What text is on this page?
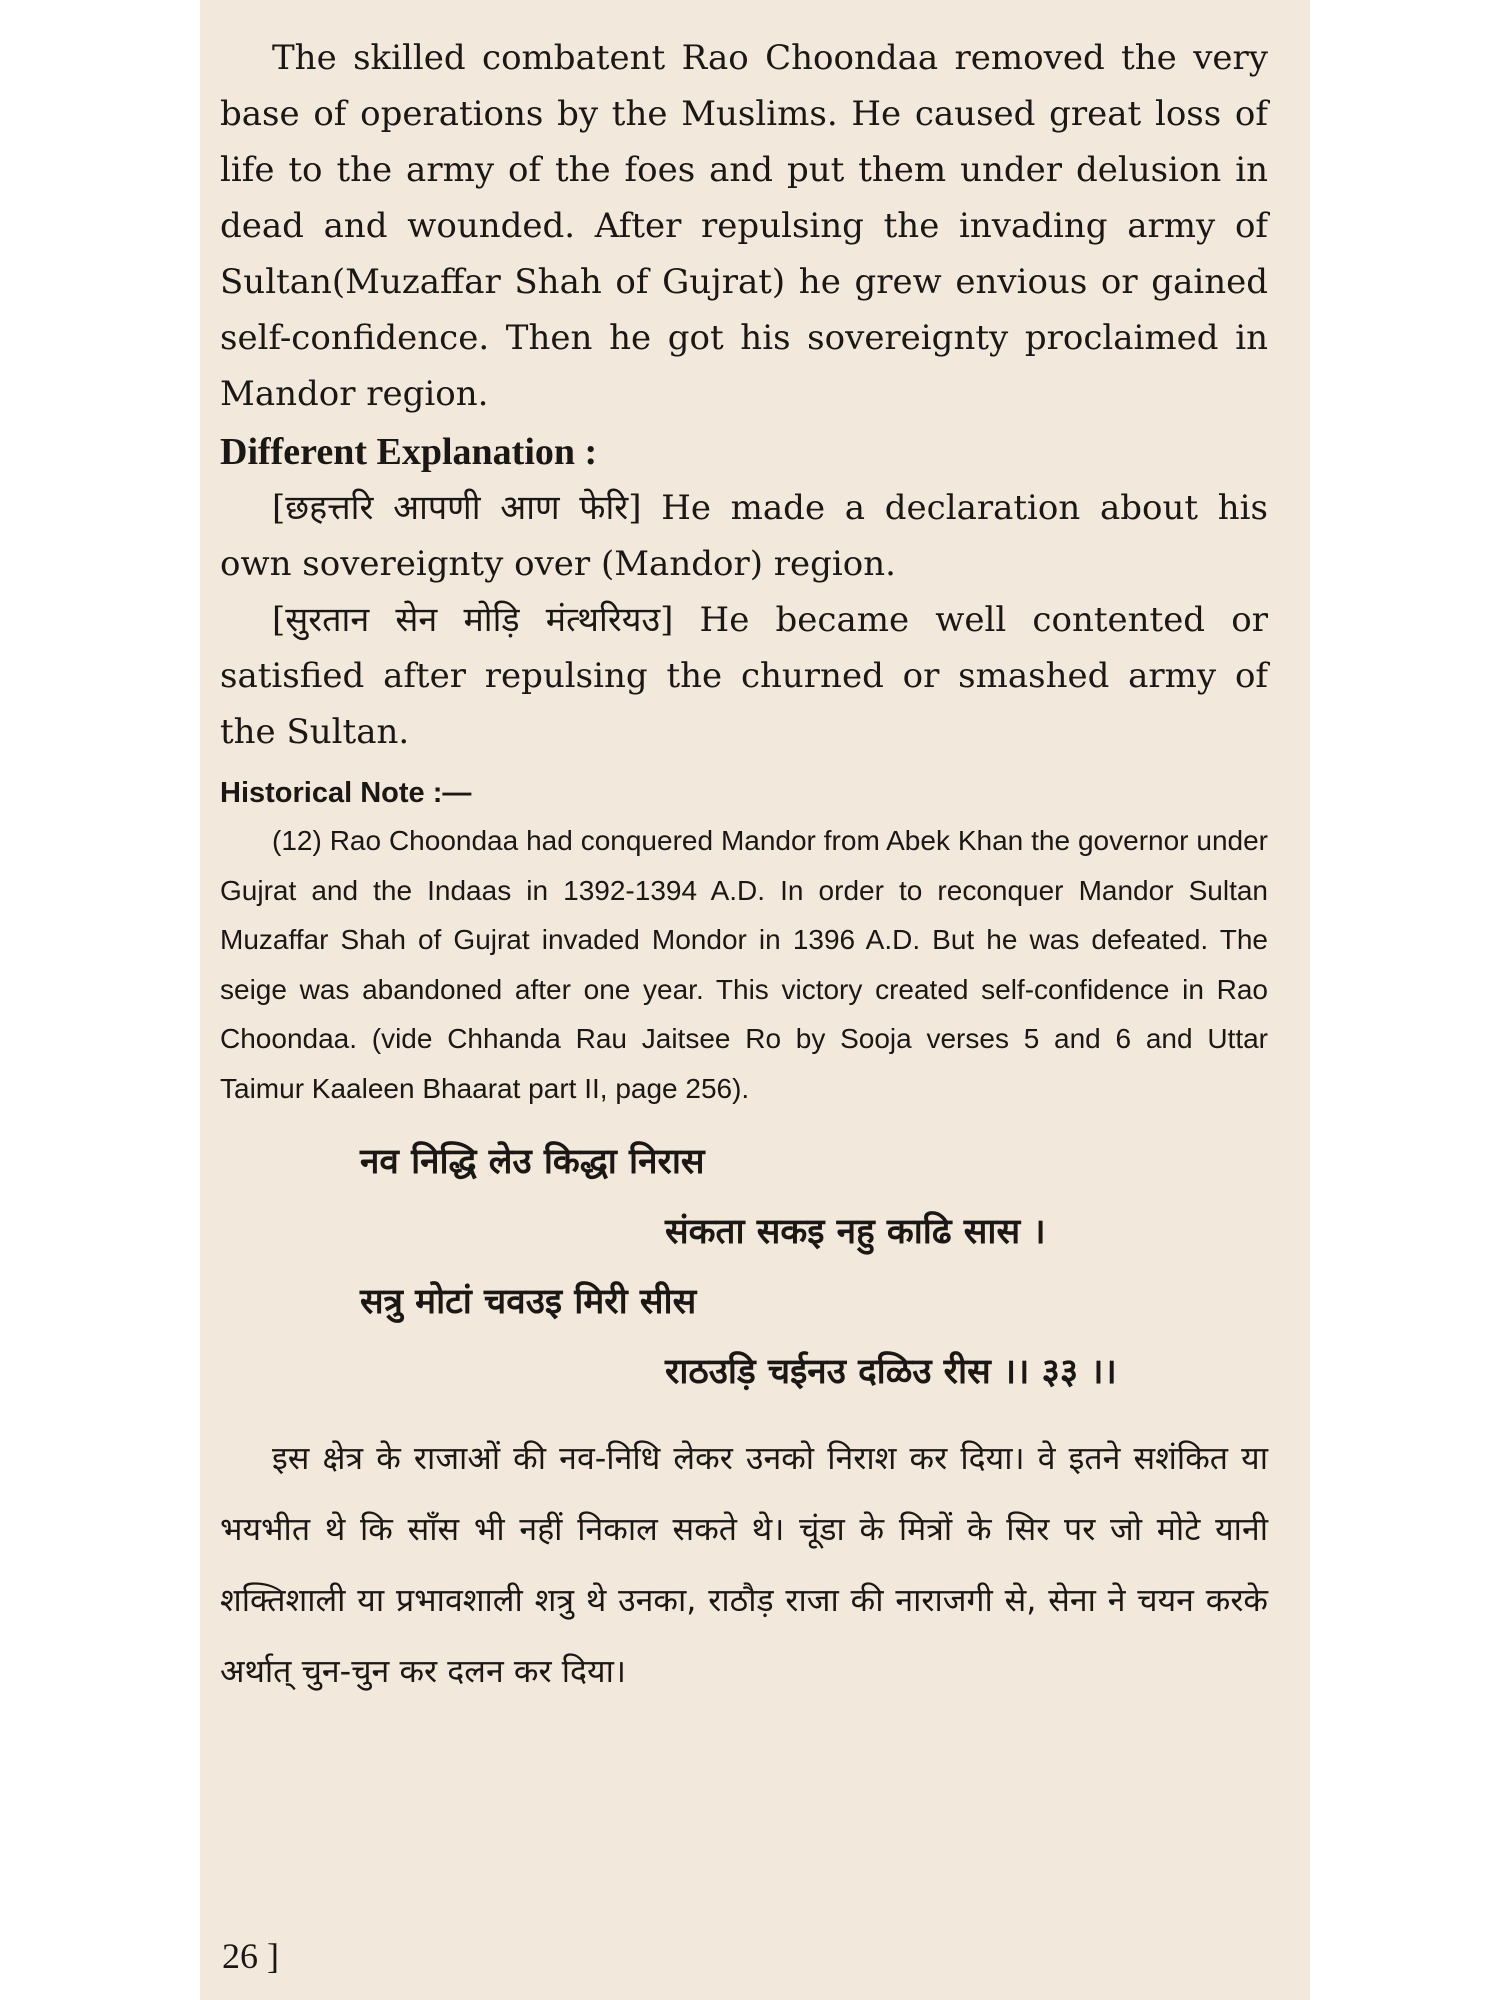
The skilled combatent Rao Choondaa removed the very base of operations by the Muslims. He caused great loss of life to the army of the foes and put them under delusion in dead and wounded. After repulsing the invading army of Sultan(Muzaffar Shah of Gujrat) he grew envious or gained self-confidence. Then he got his sovereignty proclaimed in Mandor region.

Different Explanation :

[छहत्तरि आपणी आण फेरि] He made a declaration about his own sovereignty over (Mandor) region.

[सुरतान सेन मोड़ि मंत्थरियउ] He became well contented or satisfied after repulsing the churned or smashed army of the Sultan.

Historical Note :—

(12) Rao Choondaa had conquered Mandor from Abek Khan the governor under Gujrat and the Indaas in 1392-1394 A.D. In order to reconquer Mandor Sultan Muzaffar Shah of Gujrat invaded Mondor in 1396 A.D. But he was defeated. The seige was abandoned after one year. This victory created self-confidence in Rao Choondaa. (vide Chhanda Rau Jaitsee Ro by Sooja verses 5 and 6 and Uttar Taimur Kaaleen Bhaarat part II, page 256).

नव निद्धि लेउ किद्धा निरास
संकता सकइ नहु काढि सास ।
सत्रु मोटां चवउइ मिरी सीस
राठउड़ि चईनउ दळिउ रीस ।। ३३ ।।

इस क्षेत्र के राजाओं की नव-निधि लेकर उनको निराश कर दिया। वे इतने सशंकित या भयभीत थे कि साँस भी नहीं निकाल सकते थे। चूंडा के मित्रों के सिर पर जो मोटे यानी शक्तिशाली या प्रभावशाली शत्रु थे उनका, राठौड़ राजा की नाराजगी से, सेना ने चयन करके अर्थात् चुन-चुन कर दलन कर दिया।

26 ]
